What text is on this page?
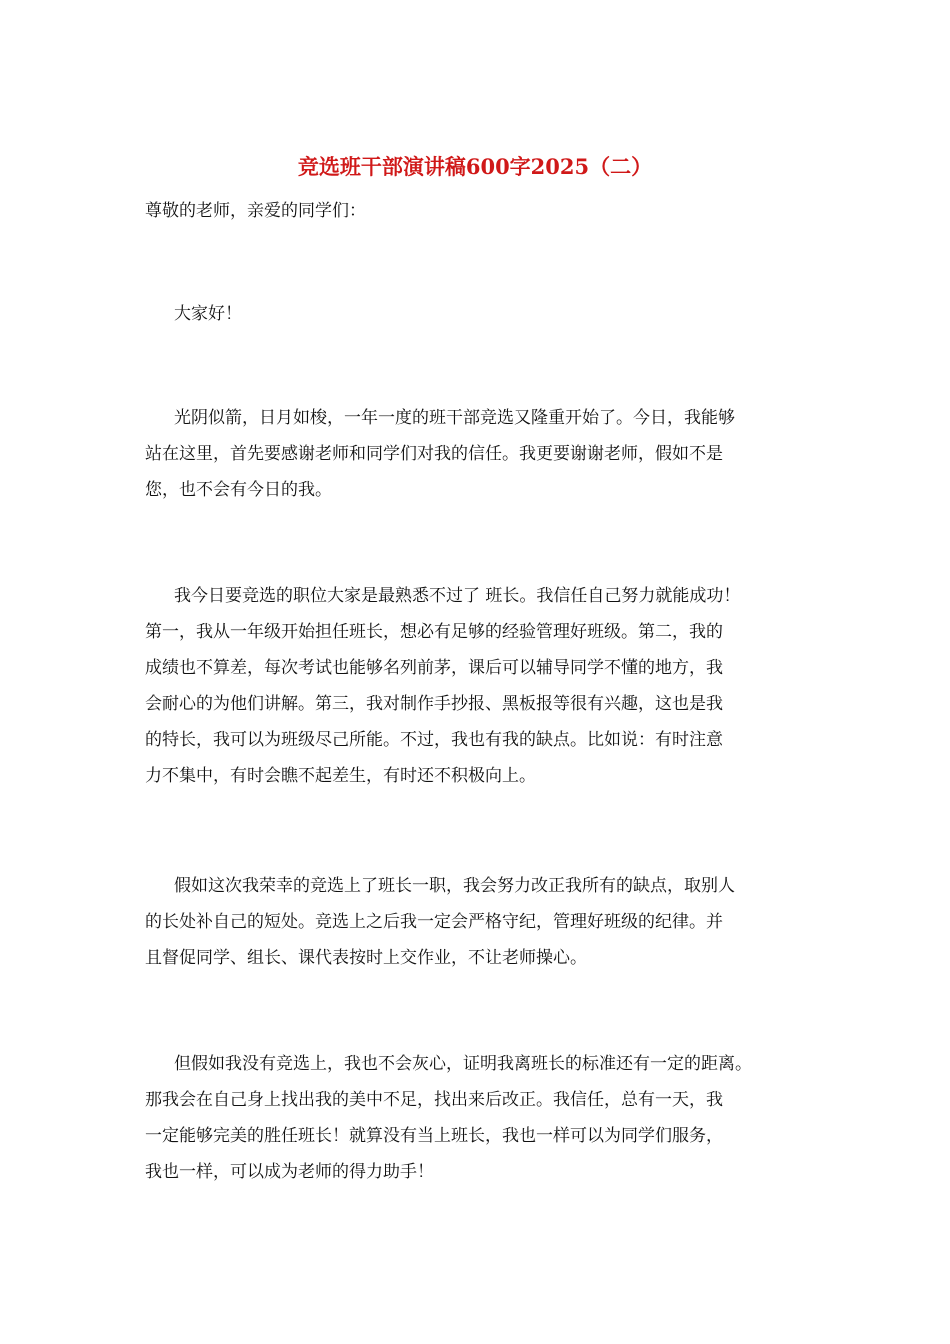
竞选班干部演讲稿600字2025（二）
尊敬的老师，亲爱的同学们：
大家好！
光阴似箭，日月如梭，一年一度的班干部竞选又隆重开始了。今日，我能够
站在这里，首先要感谢老师和同学们对我的信任。我更要谢谢老师，假如不是
您，也不会有今日的我。
我今日要竞选的职位大家是最熟悉不过了 班长。我信任自己努力就能成功！
第一，我从一年级开始担任班长，想必有足够的经验管理好班级。第二，我的
成绩也不算差，每次考试也能够名列前茅，课后可以辅导同学不懂的地方，我
会耐心的为他们讲解。第三，我对制作手抄报、黑板报等很有兴趣，这也是我
的特长，我可以为班级尽己所能。不过，我也有我的缺点。比如说：有时注意
力不集中，有时会瞧不起差生，有时还不积极向上。
假如这次我荣幸的竞选上了班长一职，我会努力改正我所有的缺点，取别人
的长处补自己的短处。竞选上之后我一定会严格守纪，管理好班级的纪律。并
且督促同学、组长、课代表按时上交作业，不让老师操心。
但假如我没有竞选上，我也不会灰心，证明我离班长的标准还有一定的距离。
那我会在自己身上找出我的美中不足，找出来后改正。我信任，总有一天，我
一定能够完美的胜任班长！就算没有当上班长，我也一样可以为同学们服务，
我也一样，可以成为老师的得力助手！
